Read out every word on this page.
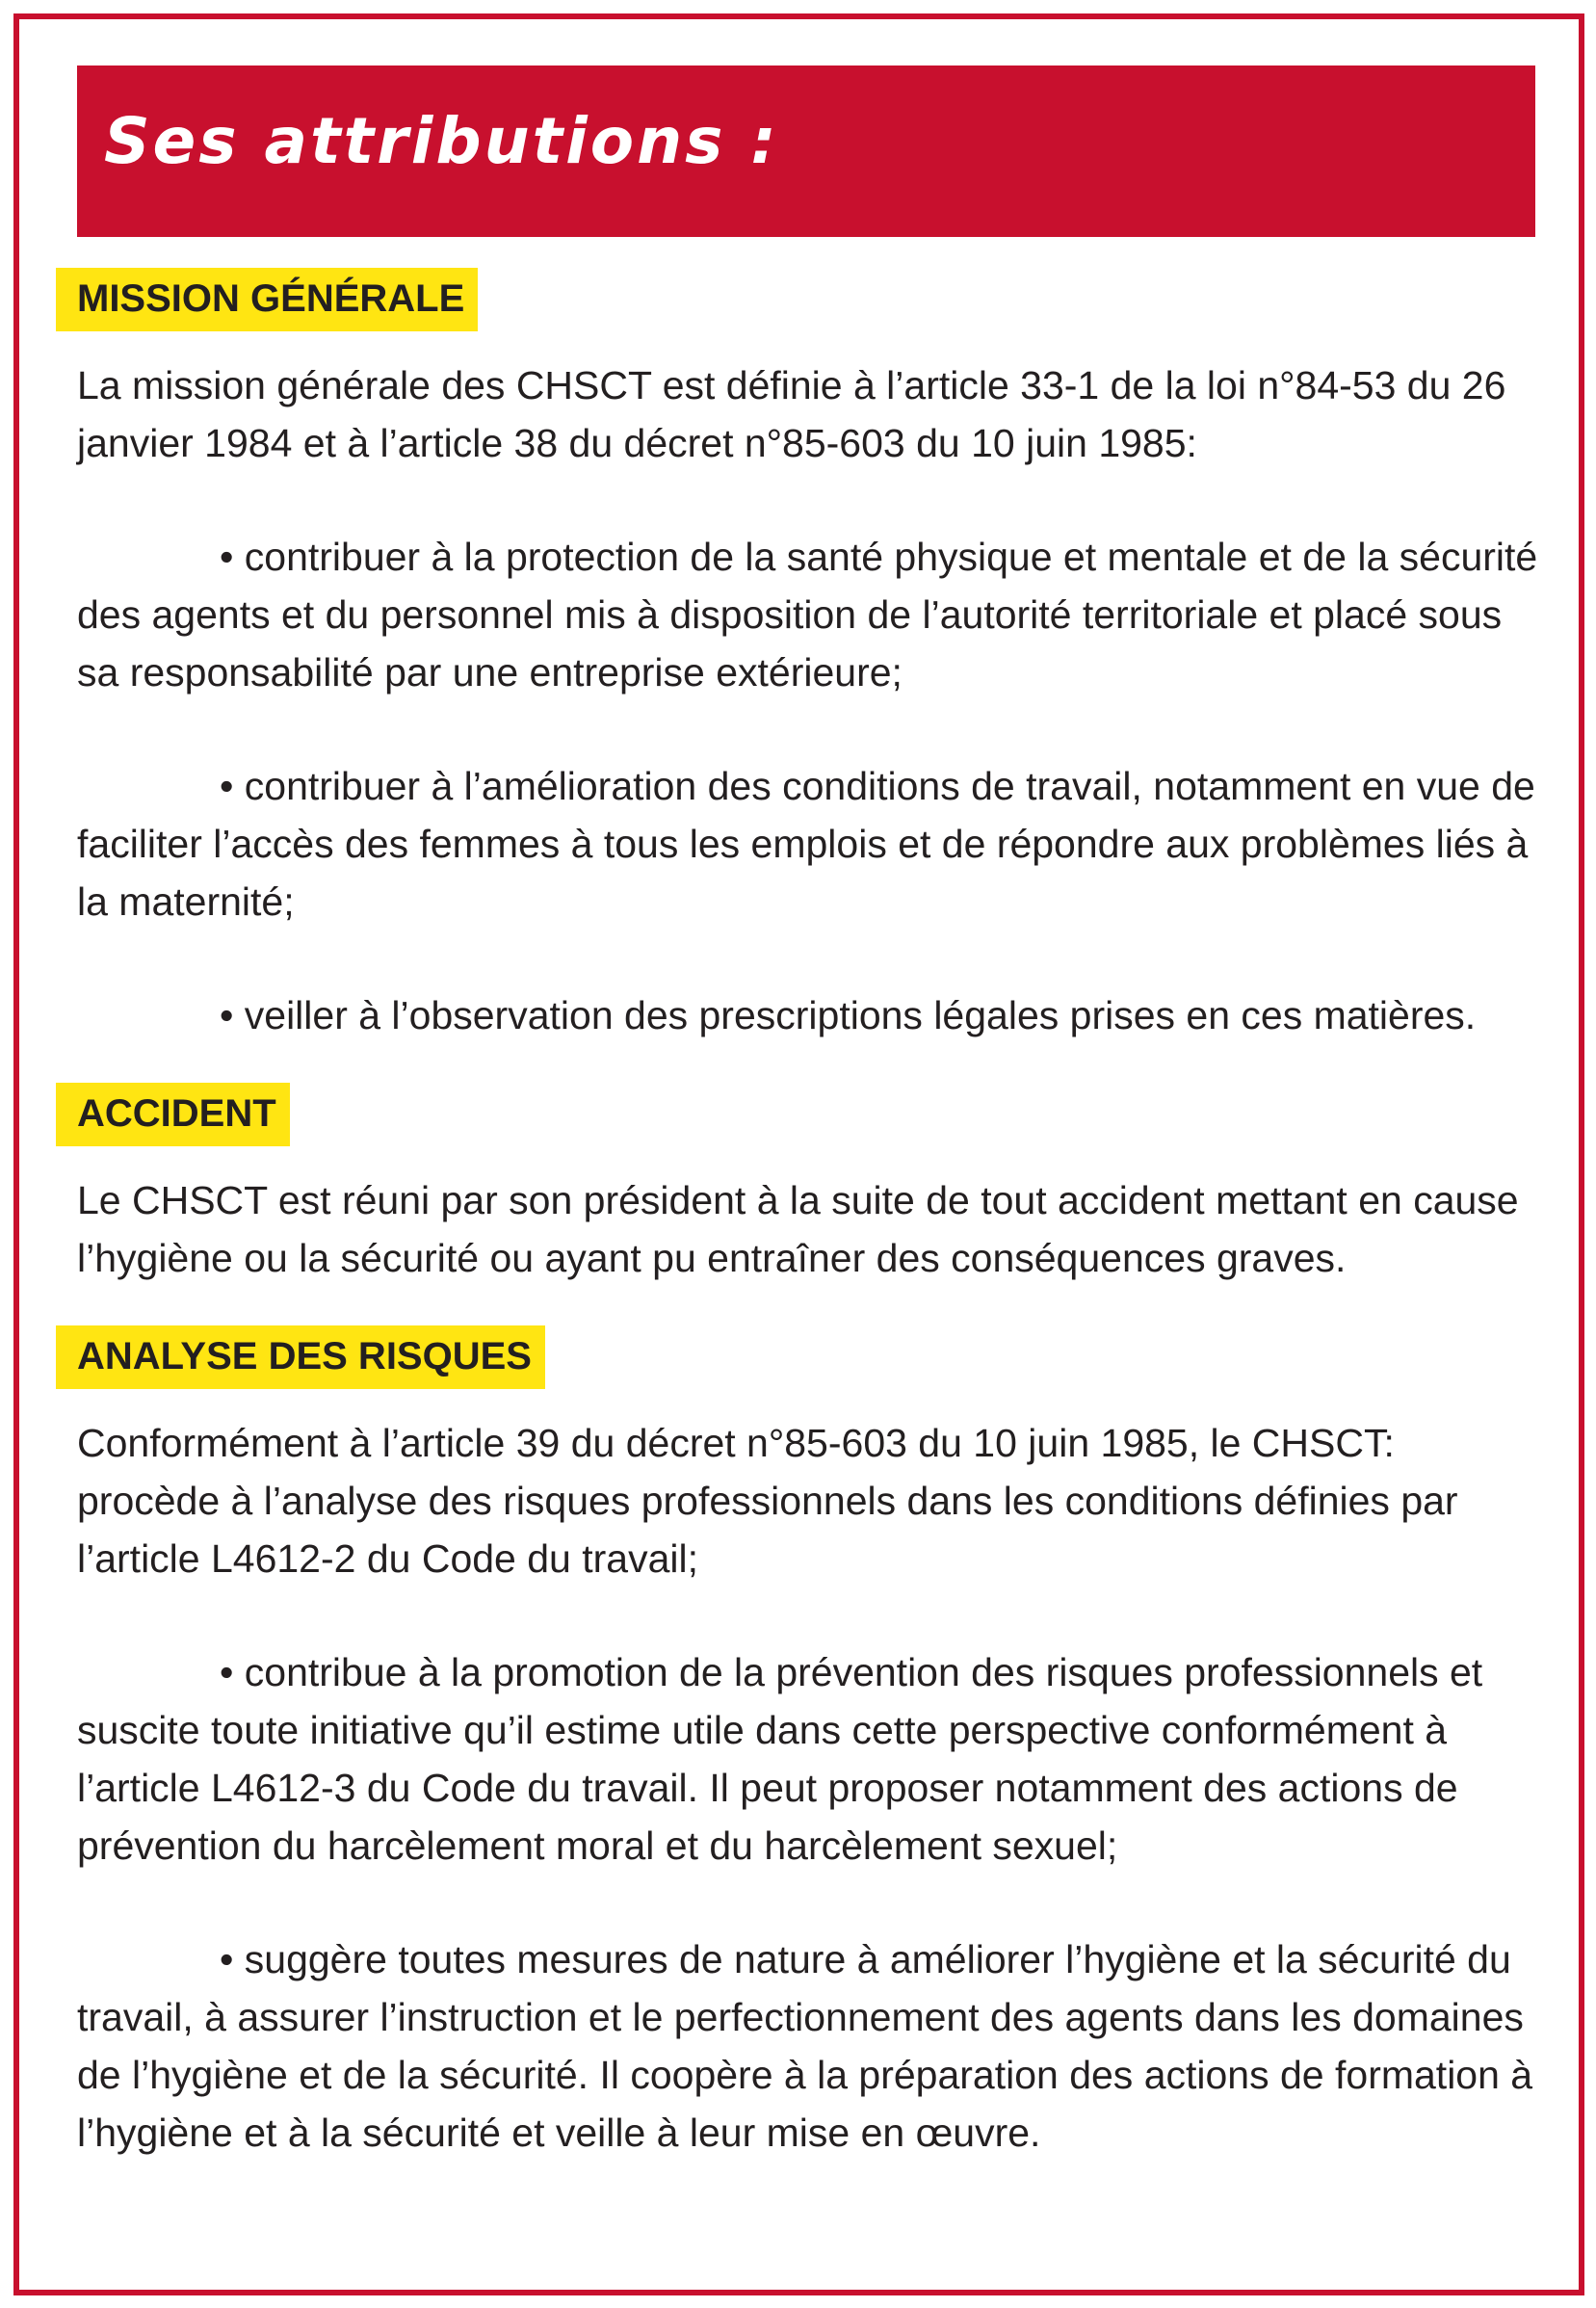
Ses attributions :
MISSION GÉNÉRALE

La mission générale des CHSCT est définie à l’article 33-1 de la loi n°84-53 du 26 janvier 1984 et à l’article 38 du décret n°85-603 du 10 juin 1985:

• contribuer à la protection de la santé physique et mentale et de la sécurité des agents et du personnel mis à disposition de l’autorité territoriale et placé sous sa responsabilité par une entreprise extérieure;

• contribuer à l’amélioration des conditions de travail, notamment en vue de faciliter l’accès des femmes à tous les emplois et de répondre aux problèmes liés à la maternité;

• veiller à l’observation des prescriptions légales prises en ces matières.

ACCIDENT

Le CHSCT est réuni par son président à la suite de tout accident mettant en cause l’hygiène ou la sécurité ou ayant pu entraîner des conséquences graves.

ANALYSE DES RISQUES

Conformément à l’article 39 du décret n°85-603 du 10 juin 1985, le CHSCT: procède à l’analyse des risques professionnels dans les conditions définies par l’article L4612-2 du Code du travail;

• contribue à la promotion de la prévention des risques professionnels et suscite toute initiative qu’il estime utile dans cette perspective conformément à l’article L4612-3 du Code du travail. Il peut proposer notamment des actions de prévention du harcèlement moral et du harcèlement sexuel;

• suggère toutes mesures de nature à améliorer l’hygiène et la sécurité du travail, à assurer l’instruction et le perfectionnement des agents dans les domaines de l’hygiène et de la sécurité. Il coopère à la préparation des actions de formation à l’hygiène et à la sécurité et veille à leur mise en œuvre.
